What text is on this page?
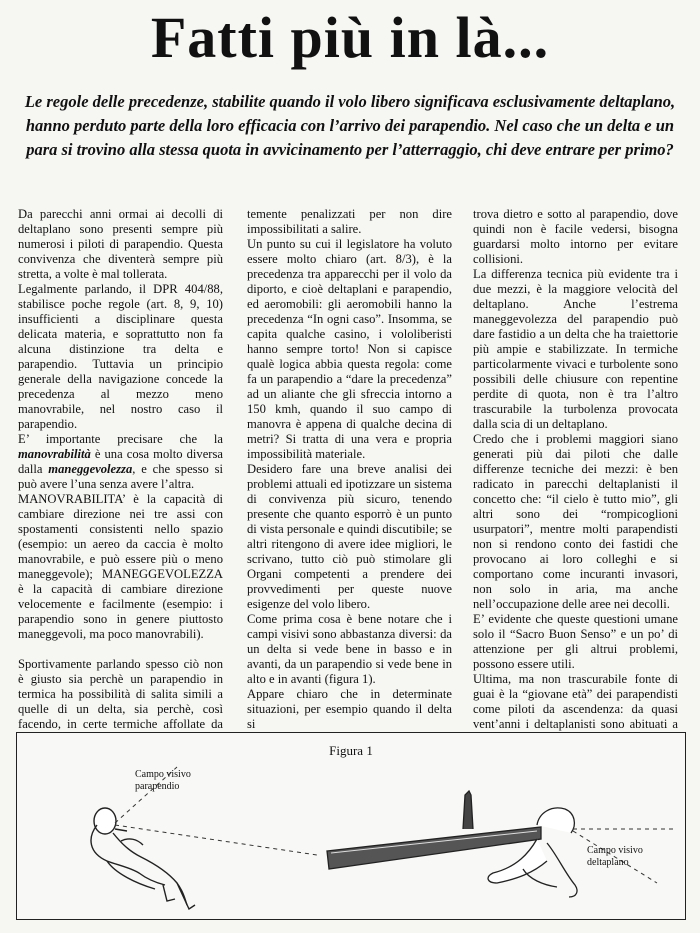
Fatti più in là...
Le regole delle precedenze, stabilite quando il volo libero significava esclusivamente deltaplano, hanno perduto parte della loro efficacia con l’arrivo dei parapendio. Nel caso che un delta e un para si trovino alla stessa quota in avvicinamento per l’atterraggio, chi deve entrare per primo?

Da parecchi anni ormai ai decolli di deltaplano sono presenti sempre più numerosi i piloti di parapendio. Questa convivenza che diventerà sempre più stretta, a volte è mal tollerata.

Legalmente parlando, il DPR 404/88, stabilisce poche regole (art. 8, 9, 10) insufficienti a disciplinare questa delicata materia, e soprattutto non fa alcuna distinzione tra delta e parapendio. Tuttavia un principio generale della navigazione concede la precedenza al mezzo meno manovrabile, nel nostro caso il parapendio.

E’ importante precisare che la manovrabilità è una cosa molto diversa dalla maneggevolezza, e che spesso si può avere l’una senza avere l’altra.

MANOVRABILITA’ è la capacità di cambiare direzione nei tre assi con spostamenti consistenti nello spazio (esempio: un aereo da caccia è molto manovrabile, e può essere più o meno maneggevole); MANEGGEVOLEZZA è la capacità di cambiare direzione velocemente e facilmente (esempio: i parapendio sono in genere piuttosto maneggevoli, ma poco manovrabili).

Sportivamente parlando spesso ciò non è giusto sia perchè un parapendio in termica ha possibilità di salita simili a quelle di un delta, sia perchè, così facendo, in certe termiche affollate da

temente penalizzati per non dire impossibilitati a salire.

Un punto su cui il legislatore ha voluto essere molto chiaro (art. 8/3), è la precedenza tra apparecchi per il volo da diporto, e cioè deltaplani e parapendio, ed aeromobili: gli aeromobili hanno la precedenza “In ogni caso”. Insomma, se capita qualche casino, i vololiberisti hanno sempre torto! Non si capisce qualè logica abbia questa regola: come fa un parapendio a “dare la precedenza” ad un aliante che gli sfreccia intorno a 150 kmh, quando il suo campo di manovra è appena di qualche decina di metri? Si tratta di una vera e propria impossibilità materiale.

Desidero fare una breve analisi dei problemi attuali ed ipotizzare un sistema di convivenza più sicuro, tenendo presente che quanto esporrò è un punto di vista personale e quindi discutibile; se altri ritengono di avere idee migliori, le scrivano, tutto ciò può stimolare gli Organi competenti a prendere dei provvedimenti per queste nuove esigenze del volo libero.

Come prima cosa è bene notare che i campi visivi sono abbastanza diversi: da un delta si vede bene in basso e in avanti, da un parapendio si vede bene in alto e in avanti (figura 1).

Appare chiaro che in determinate situazioni, per esempio quando il delta si

trova dietro e sotto al parapendio, dove quindi non è facile vedersi, bisogna guardarsi molto intorno per evitare collisioni.

La differenza tecnica più evidente tra i due mezzi, è la maggiore velocità del deltaplano. Anche l’estrema maneggevolezza del parapendio può dare fastidio a un delta che ha traiettorie più ampie e stabilizzate. In termiche particolarmente vivaci e turbolente sono possibili delle chiusure con repentine perdite di quota, non è tra l’altro trascurabile la turbolenza provocata dalla scia di un deltaplano.

Credo che i problemi maggiori siano generati più dai piloti che dalle differenze tecniche dei mezzi: è ben radicato in parecchi deltaplanisti il concetto che: “il cielo è tutto mio”, gli altri sono dei “rompicoglioni usurpatori”, mentre molti parapendisti non si rendono conto dei fastidi che provocano ai loro colleghi e si comportano come incuranti invasori, non solo in aria, ma anche nell’occupazione delle aree nei decolli.

E’ evidente che queste questioni umane solo il “Sacro Buon Senso” e un po’ di attenzione per gli altrui problemi, possono essere utili.

Ultima, ma non trascurabile fonte di guai è la “giovane età” dei parapendisti come piloti da ascendenza: da quasi vent’anni i deltaplanisti sono abituati a

Figura 1
Campo visivo
parapendio
Campo visivo
deltaplano
